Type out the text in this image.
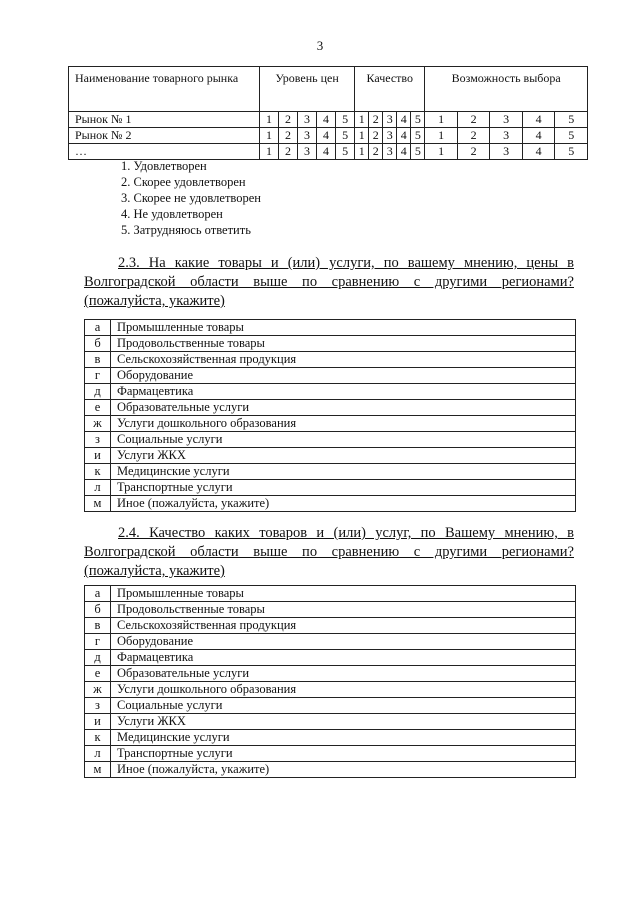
3
Наименование товарного рынка	Уровень цен					Качество					Возможность выбора				
Рынок № 1	1	2	3	4	5	1	2	3	4	5	1	2	3	4	5
Рынок № 2	1	2	3	4	5	1	2	3	4	5	1	2	3	4	5
…	1	2	3	4	5	1	2	3	4	5	1	2	3	4	5
1. Удовлетворен
2. Скорее удовлетворен
3. Скорее не удовлетворен
4. Не удовлетворен
5. Затрудняюсь ответить

2.3. На какие товары и (или) услуги, по вашему мнению, цены в Волгоградской области выше по сравнению с другими регионами? (пожалуйста, укажите)

а	Промышленные товары
б	Продовольственные товары
в	Сельскохозяйственная продукция
г	Оборудование
д	Фармацевтика
е	Образовательные услуги
ж	Услуги дошкольного образования
з	Социальные услуги
и	Услуги ЖКХ
к	Медицинские услуги
л	Транспортные услуги
м	Иное (пожалуйста, укажите)

2.4. Качество каких товаров и (или) услуг, по Вашему мнению, в Волгоградской области выше по сравнению с другими регионами? (пожалуйста, укажите)

а	Промышленные товары
б	Продовольственные товары
в	Сельскохозяйственная продукция
г	Оборудование
д	Фармацевтика
е	Образовательные услуги
ж	Услуги дошкольного образования
з	Социальные услуги
и	Услуги ЖКХ
к	Медицинские услуги
л	Транспортные услуги
м	Иное (пожалуйста, укажите)
